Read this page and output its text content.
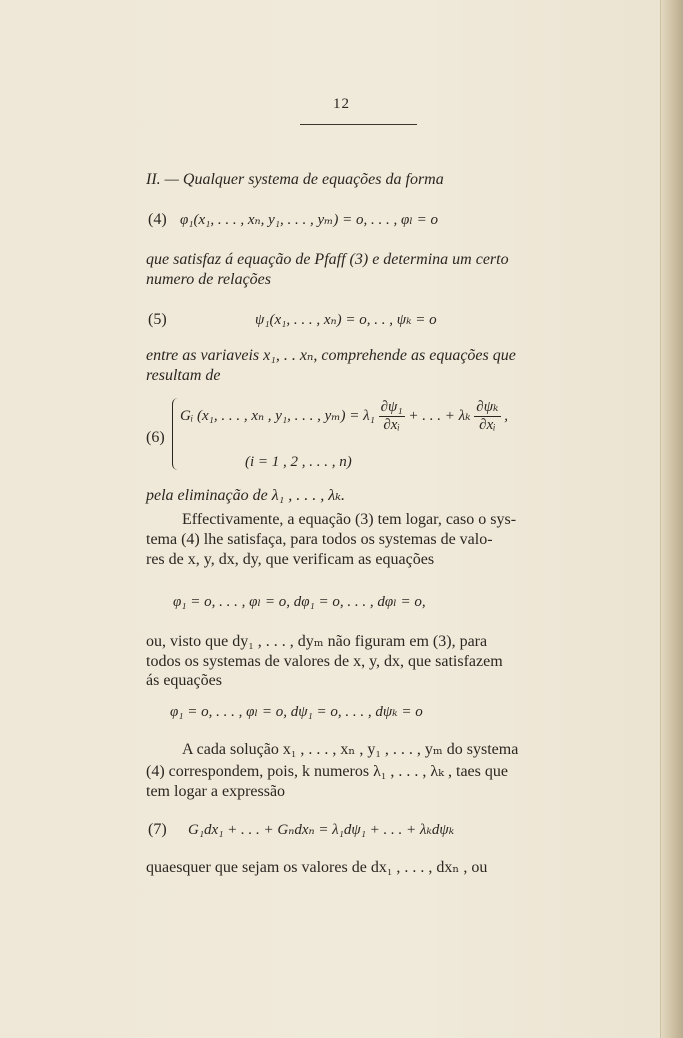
12
II. — Qualquer systema de equações da forma
(4) φ₁(x₁, . . . , xₙ, y₁, . . . , yₘ) = o, . . . , φₗ = o
que satisfaz á equação de Pfaff (3) e determina um certo
numero de relações
(5)	ψ₁(x₁, . . . , xₙ) = o, . . , ψₖ = o
entre as variaveis x₁, . . xₙ, comprehende as equações que
resultam de
(6)
Gᵢ (x₁, . . . , xₙ , y₁, . . . , $y_m) = \lambda_1 \frac{\text{∂ψ₁}}{\text{∂xᵢ}}$ + . . . + λₖ $\frac{\text{∂ψₖ}}{\text{∂xᵢ}}$ ,
(i = 1 , 2 , . . . , n)
pela eliminação de λ₁ , . . . , λₖ.
Effectivamente, a equação (3) tem logar, caso o sys-
tema (4) lhe satisfaça, para todos os systemas de valo-
res de x, y, dx, dy, que verificam as equações
φ₁ = o, . . . , φₗ = o, dφ₁ = o, . . . , dφₗ = o,
ou, visto que dy₁ , . . . , dyₘ não figuram em (3), para
todos os systemas de valores de x, y, dx, que satisfazem
ás equações
φ₁ = o, . . . , φₗ = o, dψ₁ = o, . . . , dψₖ = o
A cada solução x₁ , . . . , xₙ , y₁ , . . . , yₘ do systema
(4) correspondem, pois, k numeros λ₁ , . . . , λₖ , taes que
tem logar a expressão
(7) G₁dx₁ + . . . + Gₙdxₙ = λ₁dψ₁ + . . . + λₖdψₖ
quaesquer que sejam os valores de dx₁ , . . . , dxₙ , ou
